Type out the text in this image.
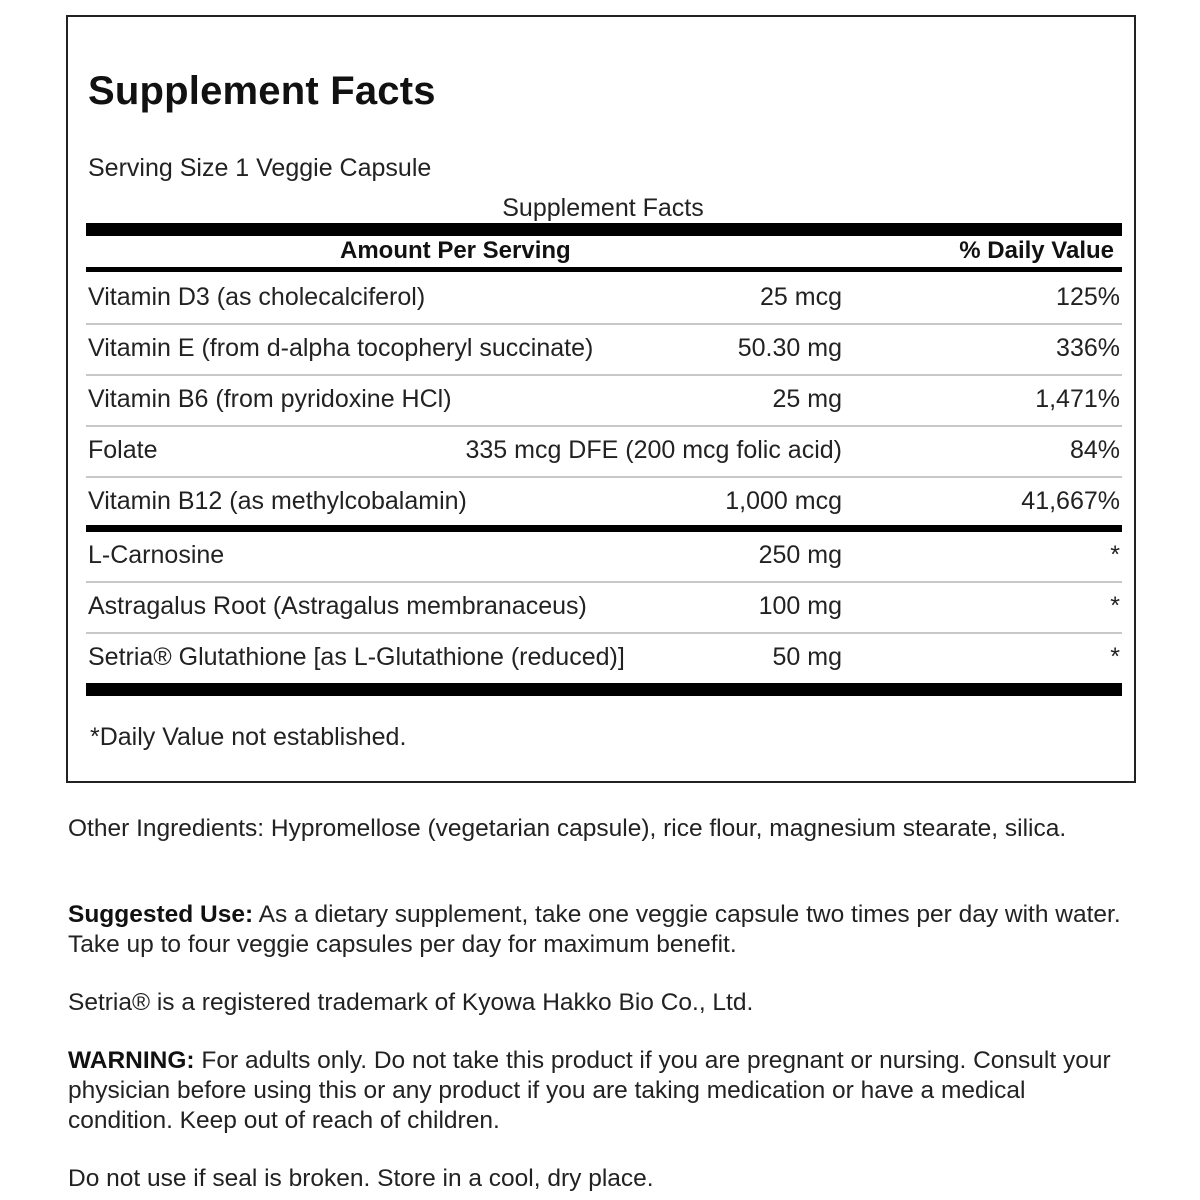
Supplement Facts
Serving Size 1 Veggie Capsule
Supplement Facts
Amount Per Serving	% Daily Value
Vitamin D3 (as cholecalciferol)	25 mcg	125%
Vitamin E (from d-alpha tocopheryl succinate)	50.30 mg	336%
Vitamin B6 (from pyridoxine HCl)	25 mg	1,471%
Folate	335 mcg DFE (200 mcg folic acid)	84%
Vitamin B12 (as methylcobalamin)	1,000 mcg	41,667%
L-Carnosine	250 mg	*
Astragalus Root (Astragalus membranaceus)	100 mg	*
Setria® Glutathione [as L-Glutathione (reduced)]	50 mg	*
*Daily Value not established.
Other Ingredients: Hypromellose (vegetarian capsule), rice flour, magnesium stearate, silica.
Suggested Use: As a dietary supplement, take one veggie capsule two times per day with water. Take up to four veggie capsules per day for maximum benefit.
Setria® is a registered trademark of Kyowa Hakko Bio Co., Ltd.
WARNING: For adults only. Do not take this product if you are pregnant or nursing. Consult your physician before using this or any product if you are taking medication or have a medical condition. Keep out of reach of children.
Do not use if seal is broken. Store in a cool, dry place.
